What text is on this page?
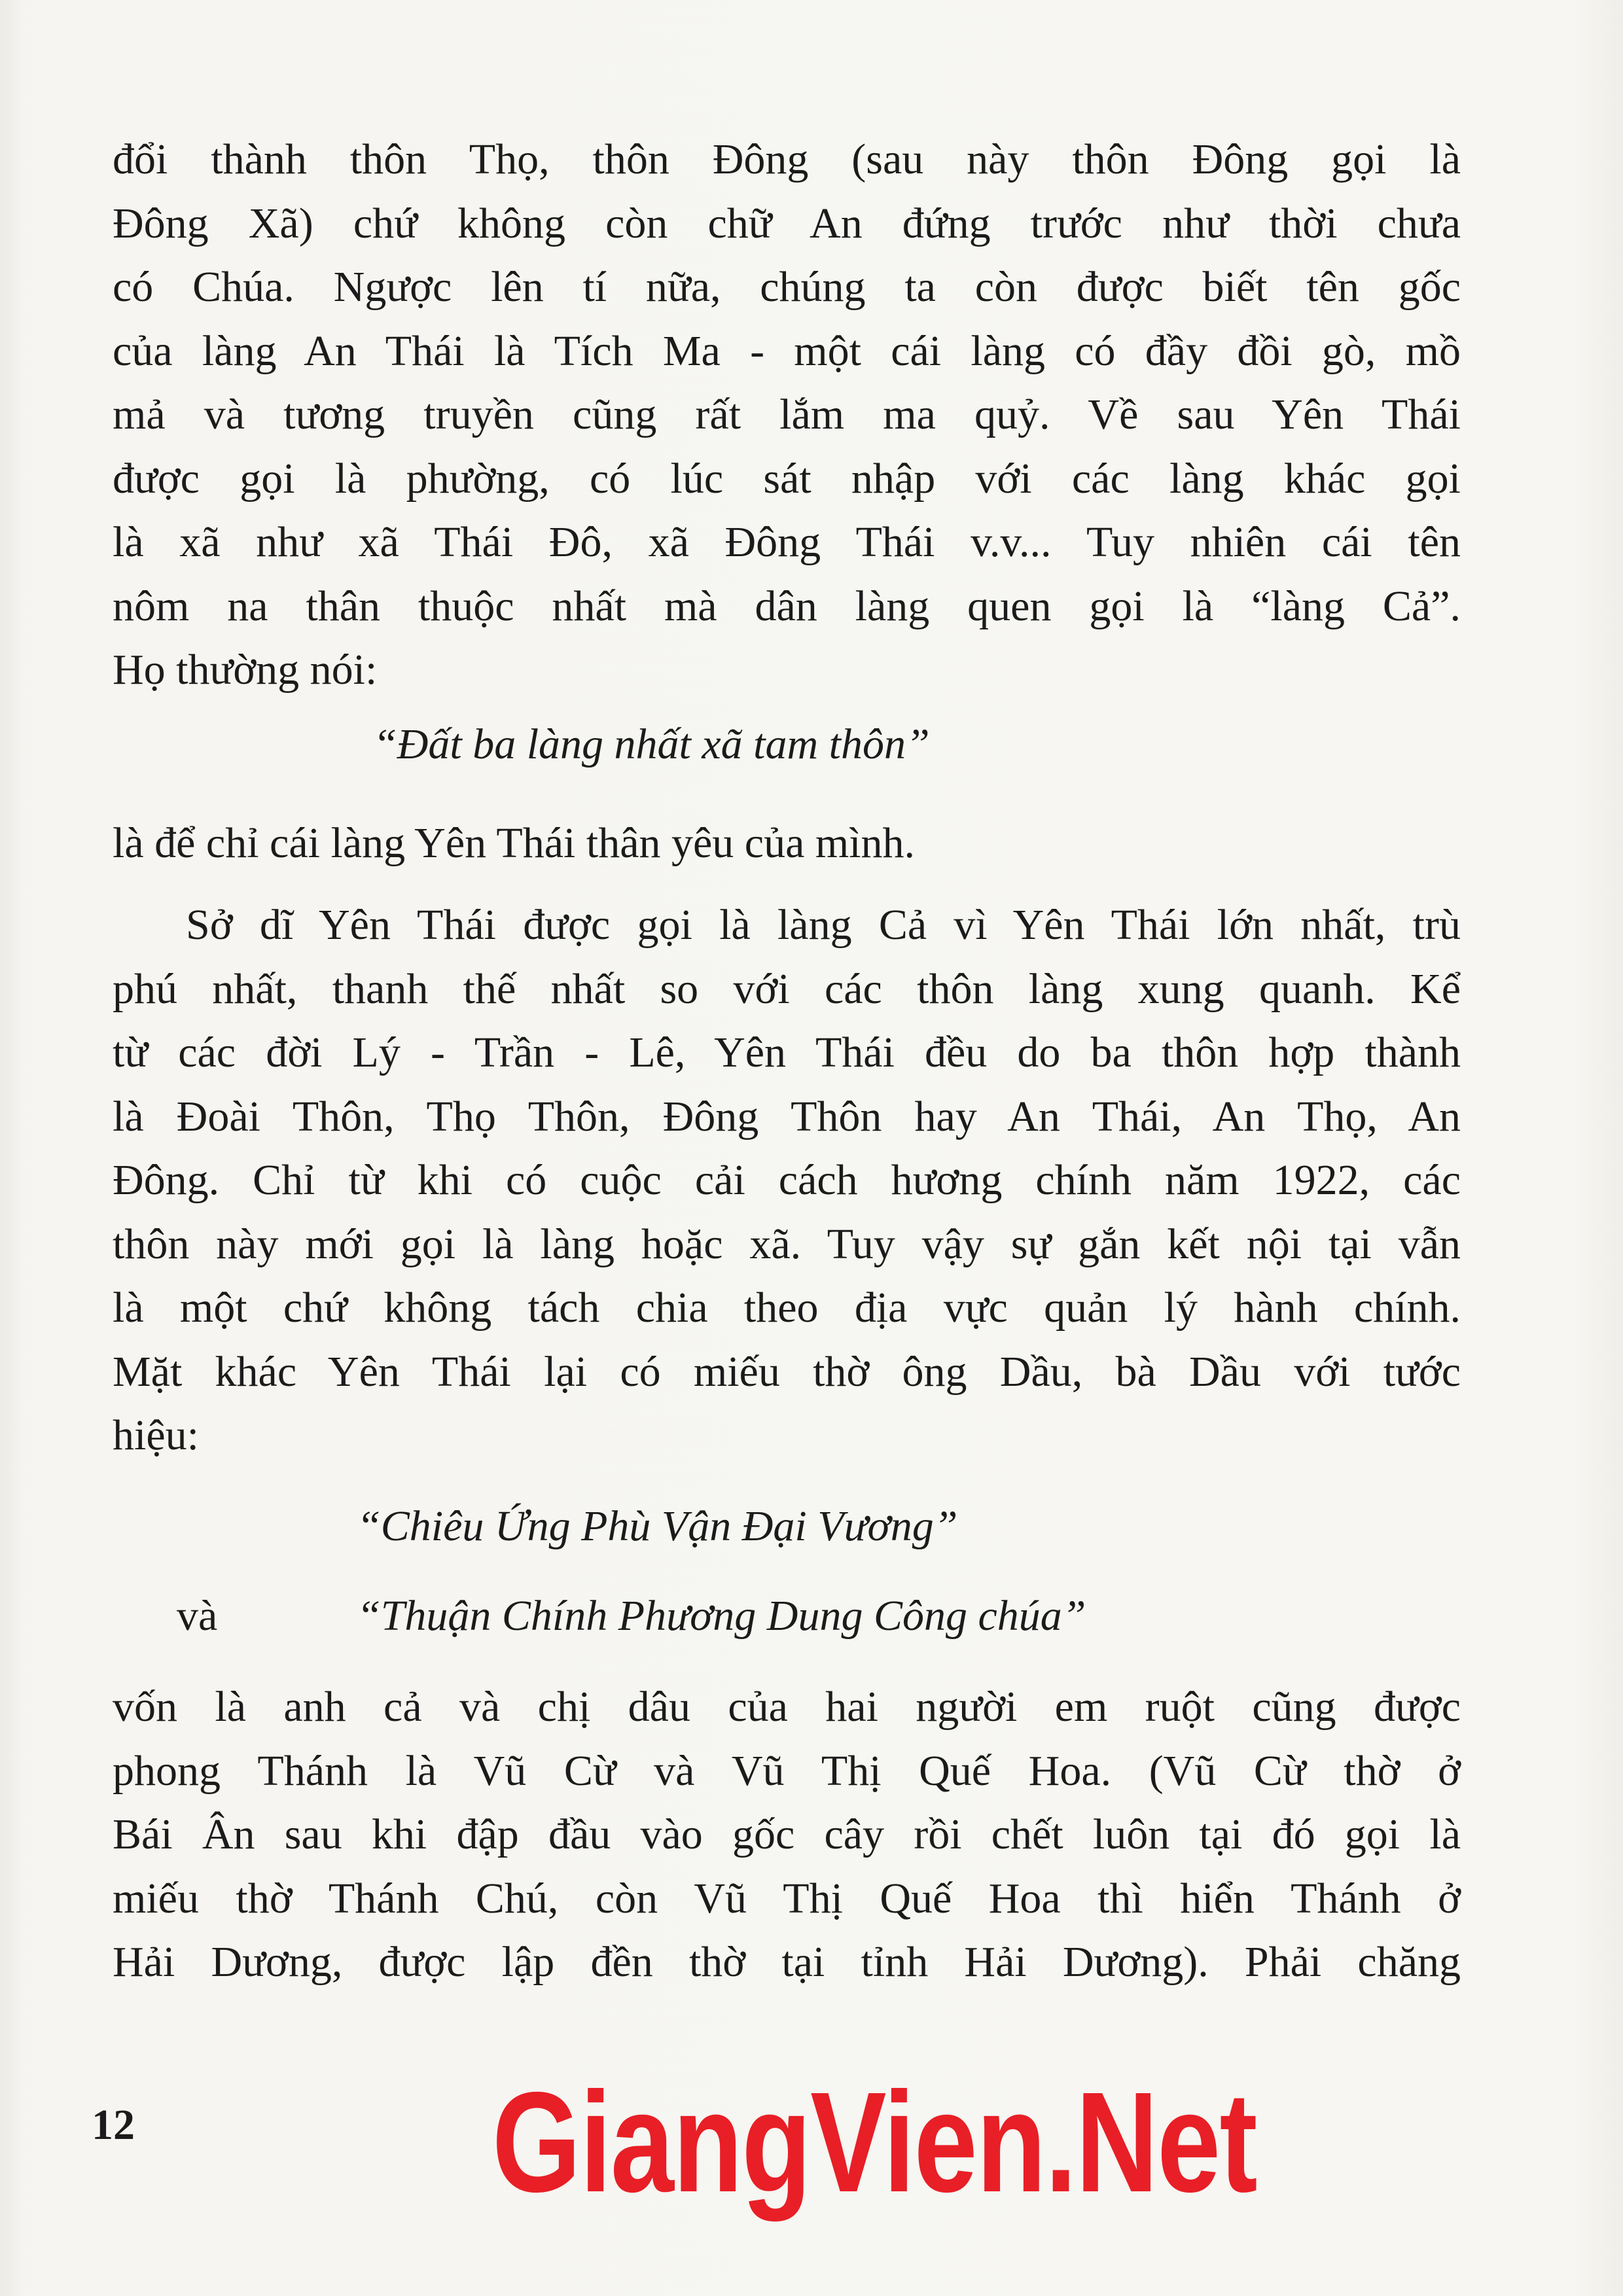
đổi thành thôn Thọ, thôn Đông (sau này thôn Đông gọi là
Đông Xã) chứ không còn chữ An đứng trước như thời chưa
có Chúa. Ngược lên tí nữa, chúng ta còn được biết tên gốc
của làng An Thái là Tích Ma - một cái làng có đầy đồi gò, mồ
mả và tương truyền cũng rất lắm ma quỷ. Về sau Yên Thái
được gọi là phường, có lúc sát nhập với các làng khác gọi
là xã như xã Thái Đô, xã Đông Thái v.v... Tuy nhiên cái tên
nôm na thân thuộc nhất mà dân làng quen gọi là “làng Cả”.
Họ thường nói:
“Đất ba làng nhất xã tam thôn”
là để chỉ cái làng Yên Thái thân yêu của mình.
Sở dĩ Yên Thái được gọi là làng Cả vì Yên Thái lớn nhất, trù
phú nhất, thanh thế nhất so với các thôn làng xung quanh. Kể
từ các đời Lý - Trần - Lê, Yên Thái đều do ba thôn hợp thành
là Đoài Thôn, Thọ Thôn, Đông Thôn hay An Thái, An Thọ, An
Đông. Chỉ từ khi có cuộc cải cách hương chính năm 1922, các
thôn này mới gọi là làng hoặc xã. Tuy vậy sự gắn kết nội tại vẫn
là một chứ không tách chia theo địa vực quản lý hành chính.
Mặt khác Yên Thái lại có miếu thờ ông Dầu, bà Dầu với tước
hiệu:
“Chiêu Ứng Phù Vận Đại Vương”
và	“Thuận Chính Phương Dung Công chúa”
vốn là anh cả và chị dâu của hai người em ruột cũng được
phong Thánh là Vũ Cừ và Vũ Thị Quế Hoa. (Vũ Cừ thờ ở
Bái Ân sau khi đập đầu vào gốc cây rồi chết luôn tại đó gọi là
miếu thờ Thánh Chú, còn Vũ Thị Quế Hoa thì hiển Thánh ở
Hải Dương, được lập đền thờ tại tỉnh Hải Dương). Phải chăng
12	GiangVien.Net
